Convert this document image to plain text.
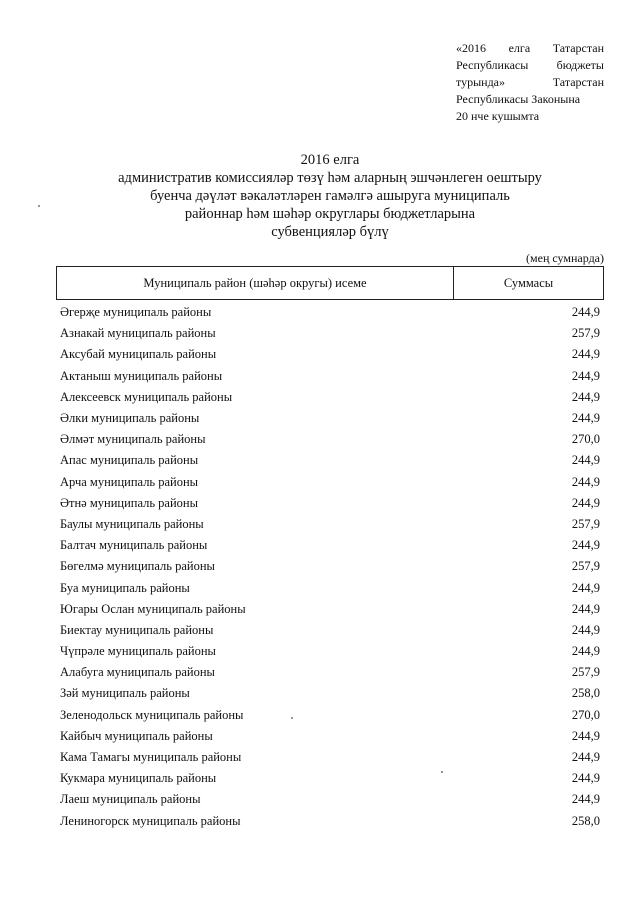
«2016 елга Татарстан
Республикасы бюджеты
турында» Татарстан
Республикасы Законына
20 нче кушымта
2016 елга
административ комиссияләр төзү һәм аларның эшчәнлеген оештыру
буенча дәүләт вәкаләтләрен гамәлгә ашыруга муниципаль
районнар һәм шәһәр округлары бюджетларына
субвенцияләр бүлү
(мең сумнарда)
Муниципаль район (шәһәр округы) исеме	Суммасы
Әгерҗе муниципаль районы	244,9
Азнакай муниципаль районы	257,9
Аксубай муниципаль районы	244,9
Актаныш муниципаль районы	244,9
Алексеевск муниципаль районы	244,9
Әлки муниципаль районы	244,9
Әлмәт муниципаль районы	270,0
Апас муниципаль районы	244,9
Арча муниципаль районы	244,9
Әтнә муниципаль районы	244,9
Баулы муниципаль районы	257,9
Балтач муниципаль районы	244,9
Бөгелмә муниципаль районы	257,9
Буа муниципаль районы	244,9
Югары Ослан муниципаль районы	244,9
Биектау муниципаль районы	244,9
Чүпрәле муниципаль районы	244,9
Алабуга муниципаль районы	257,9
Зәй муниципаль районы	258,0
Зеленодольск муниципаль районы	270,0
Кайбыч муниципаль районы	244,9
Кама Тамагы муниципаль районы	244,9
Кукмара муниципаль районы	244,9
Лаеш муниципаль районы	244,9
Лениногорск муниципаль районы	258,0
